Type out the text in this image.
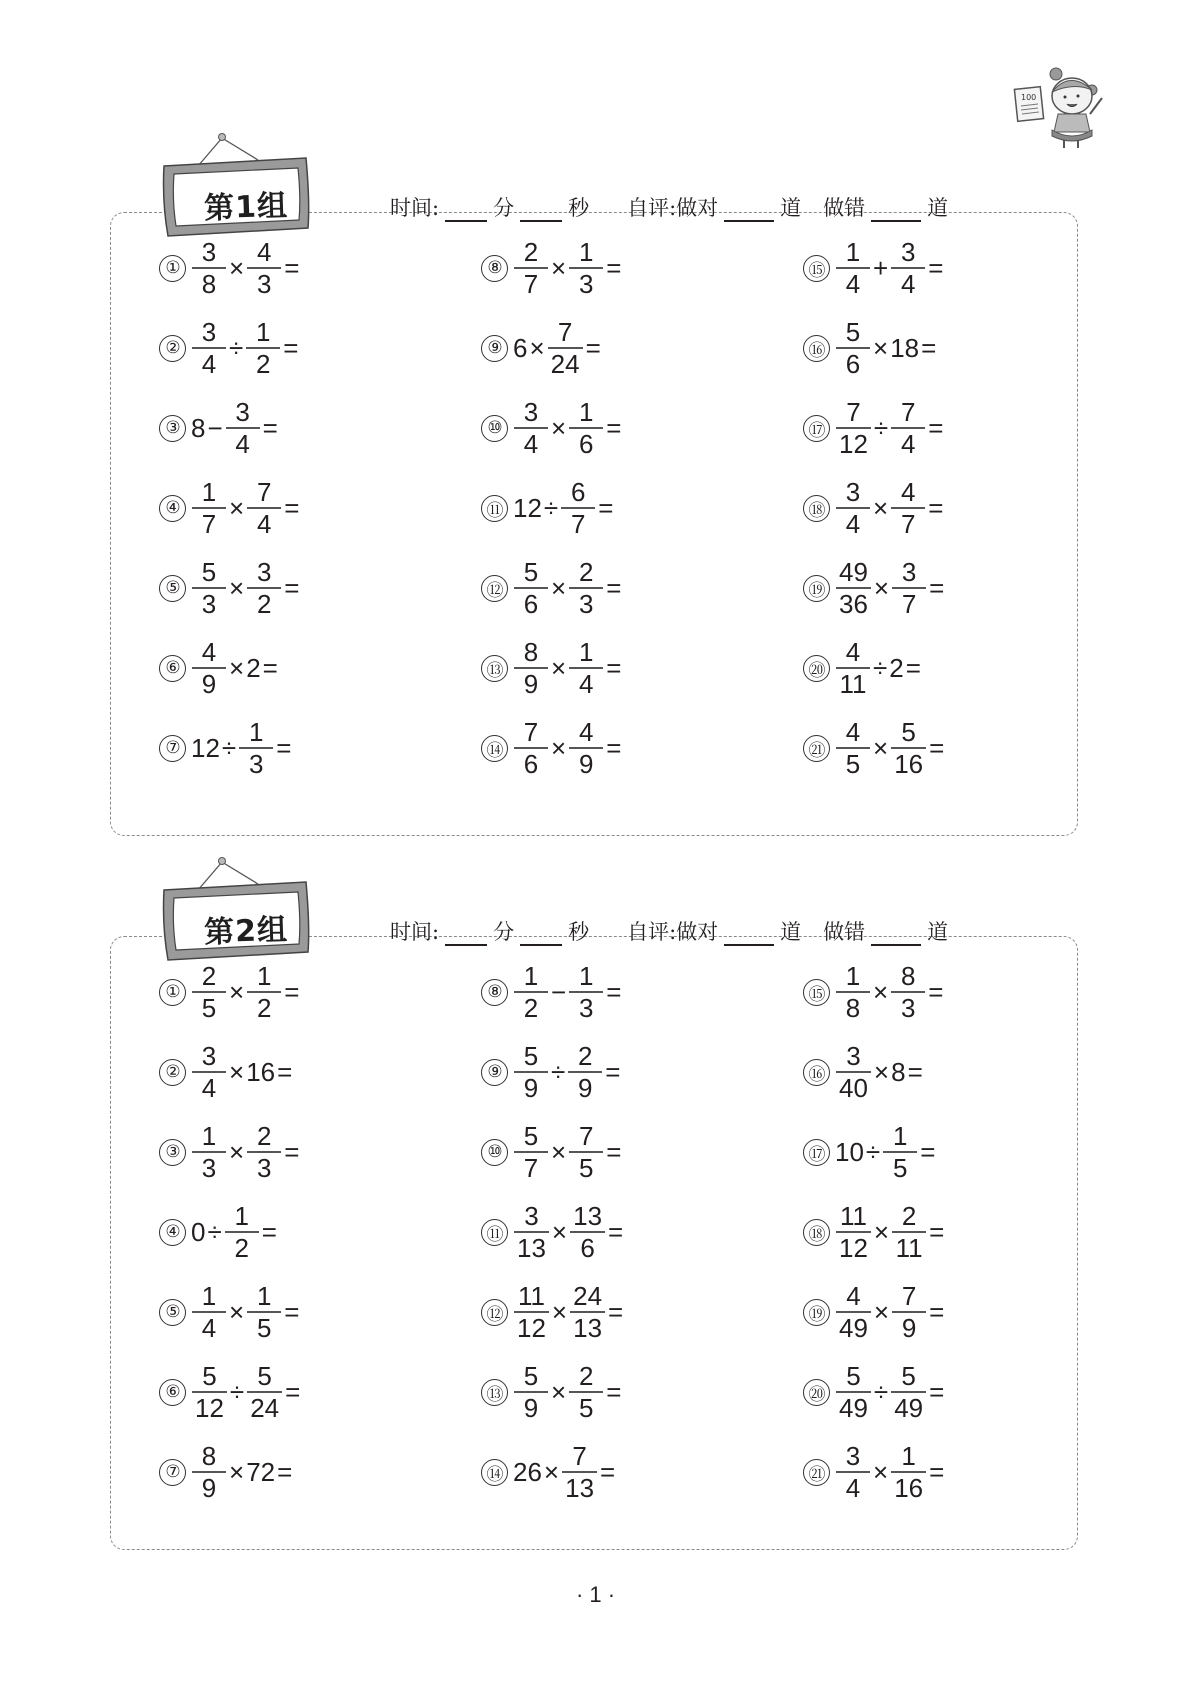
100
① $\frac{3}{8} \times \frac{4}{3}$ =
② $\frac{3}{4} \div \frac{1}{2}$ =
③ $8 - \frac{3}{4}$ =
④ $\frac{1}{7} \times \frac{7}{4}$ =
⑤ $\frac{5}{3} \times \frac{3}{2}$ =
⑥ $\frac{4}{9} \times 2$ =
⑦ $12 \div \frac{1}{3}$ =
⑧ $\frac{2}{7} \times \frac{1}{3}$ =
⑨ $6 \times \frac{7}{24}$ =
⑩ $\frac{3}{4} \times \frac{1}{6}$ =
⑪ $12 \div \frac{6}{7}$ =
⑫ $\frac{5}{6} \times \frac{2}{3}$ =
⑬ $\frac{8}{9} \times \frac{1}{4}$ =
⑭ $\frac{7}{6} \times \frac{4}{9}$ =
⑮ $\frac{1}{4} + \frac{3}{4}$ =
⑯ $\frac{5}{6} \times 18$ =
⑰ $\frac{7}{12} \div \frac{7}{4}$ =
⑱ $\frac{3}{4} \times \frac{4}{7}$ =
⑲ $\frac{49}{36} \times \frac{3}{7}$ =
⑳ $\frac{4}{11} \div 2$ =
㉑ $\frac{4}{5} \times \frac{5}{16}$ =
第1组	时间:	分	秒 自评:做对	道 做错	道
① $\frac{2}{5} \times \frac{1}{2}$ =
② $\frac{3}{4} \times 16$ =
③ $\frac{1}{3} \times \frac{2}{3}$ =
④ $0 \div \frac{1}{2}$ =
⑤ $\frac{1}{4} \times \frac{1}{5}$ =
⑥ $\frac{5}{12} \div \frac{5}{24}$ =
⑦ $\frac{8}{9} \times 72$ =
⑧ $\frac{1}{2} - \frac{1}{3}$ =
⑨ $\frac{5}{9} \div \frac{2}{9}$ =
⑩ $\frac{5}{7} \times \frac{7}{5}$ =
⑪ $\frac{3}{13} \times \frac{13}{6}$ =
⑫ $\frac{11}{12} \times \frac{24}{13}$ =
⑬ $\frac{5}{9} \times \frac{2}{5}$ =
⑭ $26 \times \frac{7}{13}$ =
⑮ $\frac{1}{8} \times \frac{8}{3}$ =
⑯ $\frac{3}{40} \times 8$ =
⑰ $10 \div \frac{1}{5}$ =
⑱ $\frac{11}{12} \times \frac{2}{11}$ =
⑲ $\frac{4}{49} \times \frac{7}{9}$ =
⑳ $\frac{5}{49} \div \frac{5}{49}$ =
㉑ $\frac{3}{4} \times \frac{1}{16}$ =
第2组	时间:	分	秒 自评:做对	道 做错	道
· 1 ·
